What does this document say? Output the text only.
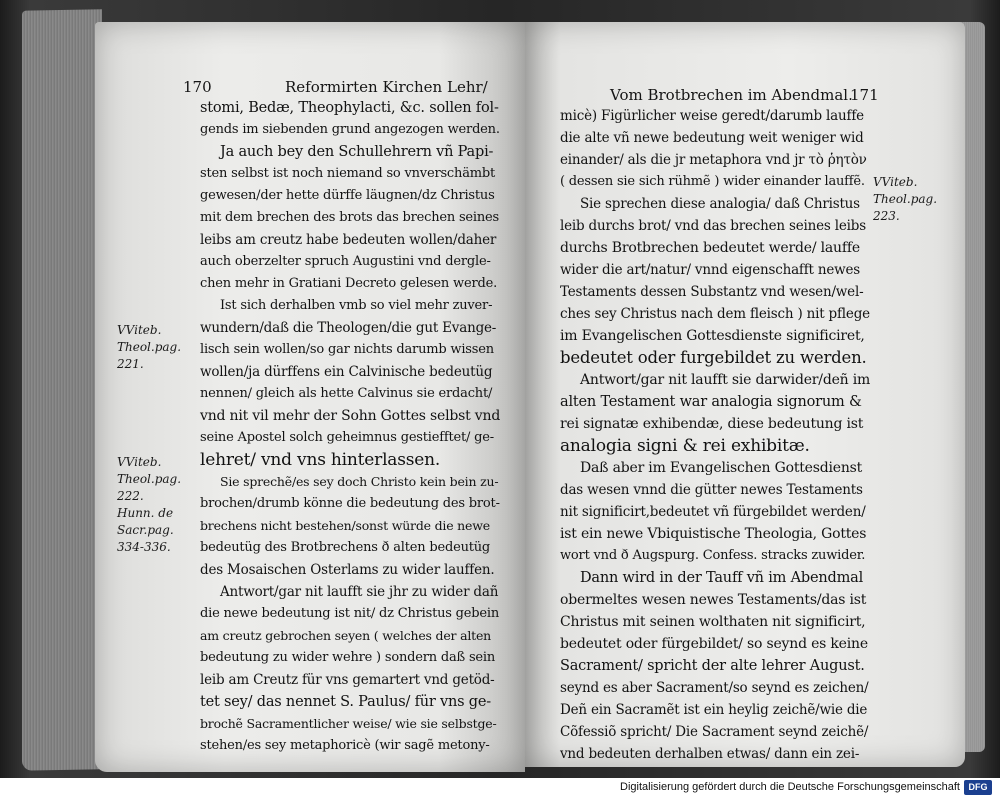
170	Reformirten Kirchen Lehr/
stomi, Bedæ, Theophylacti, &c. sollen fol-
gends im siebenden grund angezogen werden.
Ja auch bey den Schullehrern vñ Papi-
sten selbst ist noch niemand so vnverschämbt
gewesen/der hette dürffe läugnen/dz Christus
mit dem brechen des brots das brechen seines
leibs am creutz habe bedeuten wollen/daher
auch oberzelter spruch Augustini vnd dergle-
chen mehr in Gratiani Decreto gelesen werde.
Ist sich derhalben vmb so viel mehr zuver-
wundern/daß die Theologen/die gut Evange-
lisch sein wollen/so gar nichts darumb wissen
wollen/ja dürffens ein Calvinische bedeutüg
nennen/ gleich als hette Calvinus sie erdacht/
vnd nit vil mehr der Sohn Gottes selbst vnd
seine Apostel solch geheimnus gestiefftet/ ge-
lehret/ vnd vns hinterlassen.
Sie sprechẽ/es sey doch Christo kein bein zu-
brochen/drumb könne die bedeutung des brot-
brechens nicht bestehen/sonst würde die newe
bedeutüg des Brotbrechens ð alten bedeutüg
des Mosaischen Osterlams zu wider lauffen.
Antwort/gar nit laufft sie jhr zu wider dañ
die newe bedeutung ist nit/ dz Christus gebein
am creutz gebrochen seyen ( welches der alten
bedeutung zu wider wehre ) sondern daß sein
leib am Creutz für vns gemartert vnd getöd-
tet sey/ das nennet S. Paulus/ für vns ge-
brochẽ Sacramentlicher weise/ wie sie selbstge-
stehen/es sey metaphoricè (wir sagẽ metony-
VViteb.
Theol.pag.
221.
VViteb.
Theol.pag.
222.
Hunn. de
Sacr.pag.
334-336.
Vom Brotbrechen im Abendmal.
171
micè) Figürlicher weise geredt/darumb lauffe
die alte vñ newe bedeutung weit weniger wid
einander/ als die jr metaphora vnd jr τὸ ῥητὸν
( dessen sie sich rühmẽ ) wider einander lauffẽ.
Sie sprechen diese analogia/ daß Christus
leib durchs brot/ vnd das brechen seines leibs
durchs Brotbrechen bedeutet werde/ lauffe
wider die art/natur/ vnnd eigenschafft newes
Testaments dessen Substantz vnd wesen/wel-
ches sey Christus nach dem fleisch ) nit pflege
im Evangelischen Gottesdienste significiret,
bedeutet oder furgebildet zu werden.
Antwort/gar nit laufft sie darwider/deñ im
alten Testament war analogia signorum &
rei signatæ exhibendæ, diese bedeutung ist
analogia signi & rei exhibitæ.
Daß aber im Evangelischen Gottesdienst
das wesen vnnd die gütter newes Testaments
nit significirt,bedeutet vñ fürgebildet werden/
ist ein newe Vbiquistische Theologia, Gottes
wort vnd ð Augspurg. Confess. stracks zuwider.
Dann wird in der Tauff vñ im Abendmal
obermeltes wesen newes Testaments/das ist
Christus mit seinen wolthaten nit significirt,
bedeutet oder fürgebildet/ so seynd es keine
Sacrament/ spricht der alte lehrer August.
seynd es aber Sacrament/so seynd es zeichen/
Deñ ein Sacramẽt ist ein heylig zeichẽ/wie die
Cõfessiõ spricht/ Die Sacrament seynd zeichẽ/
vnd bedeuten derhalben etwas/ dann ein zei-
VViteb.
Theol.pag.
223.
Digitalisierung gefördert durch die Deutsche Forschungsgemeinschaft DFG
